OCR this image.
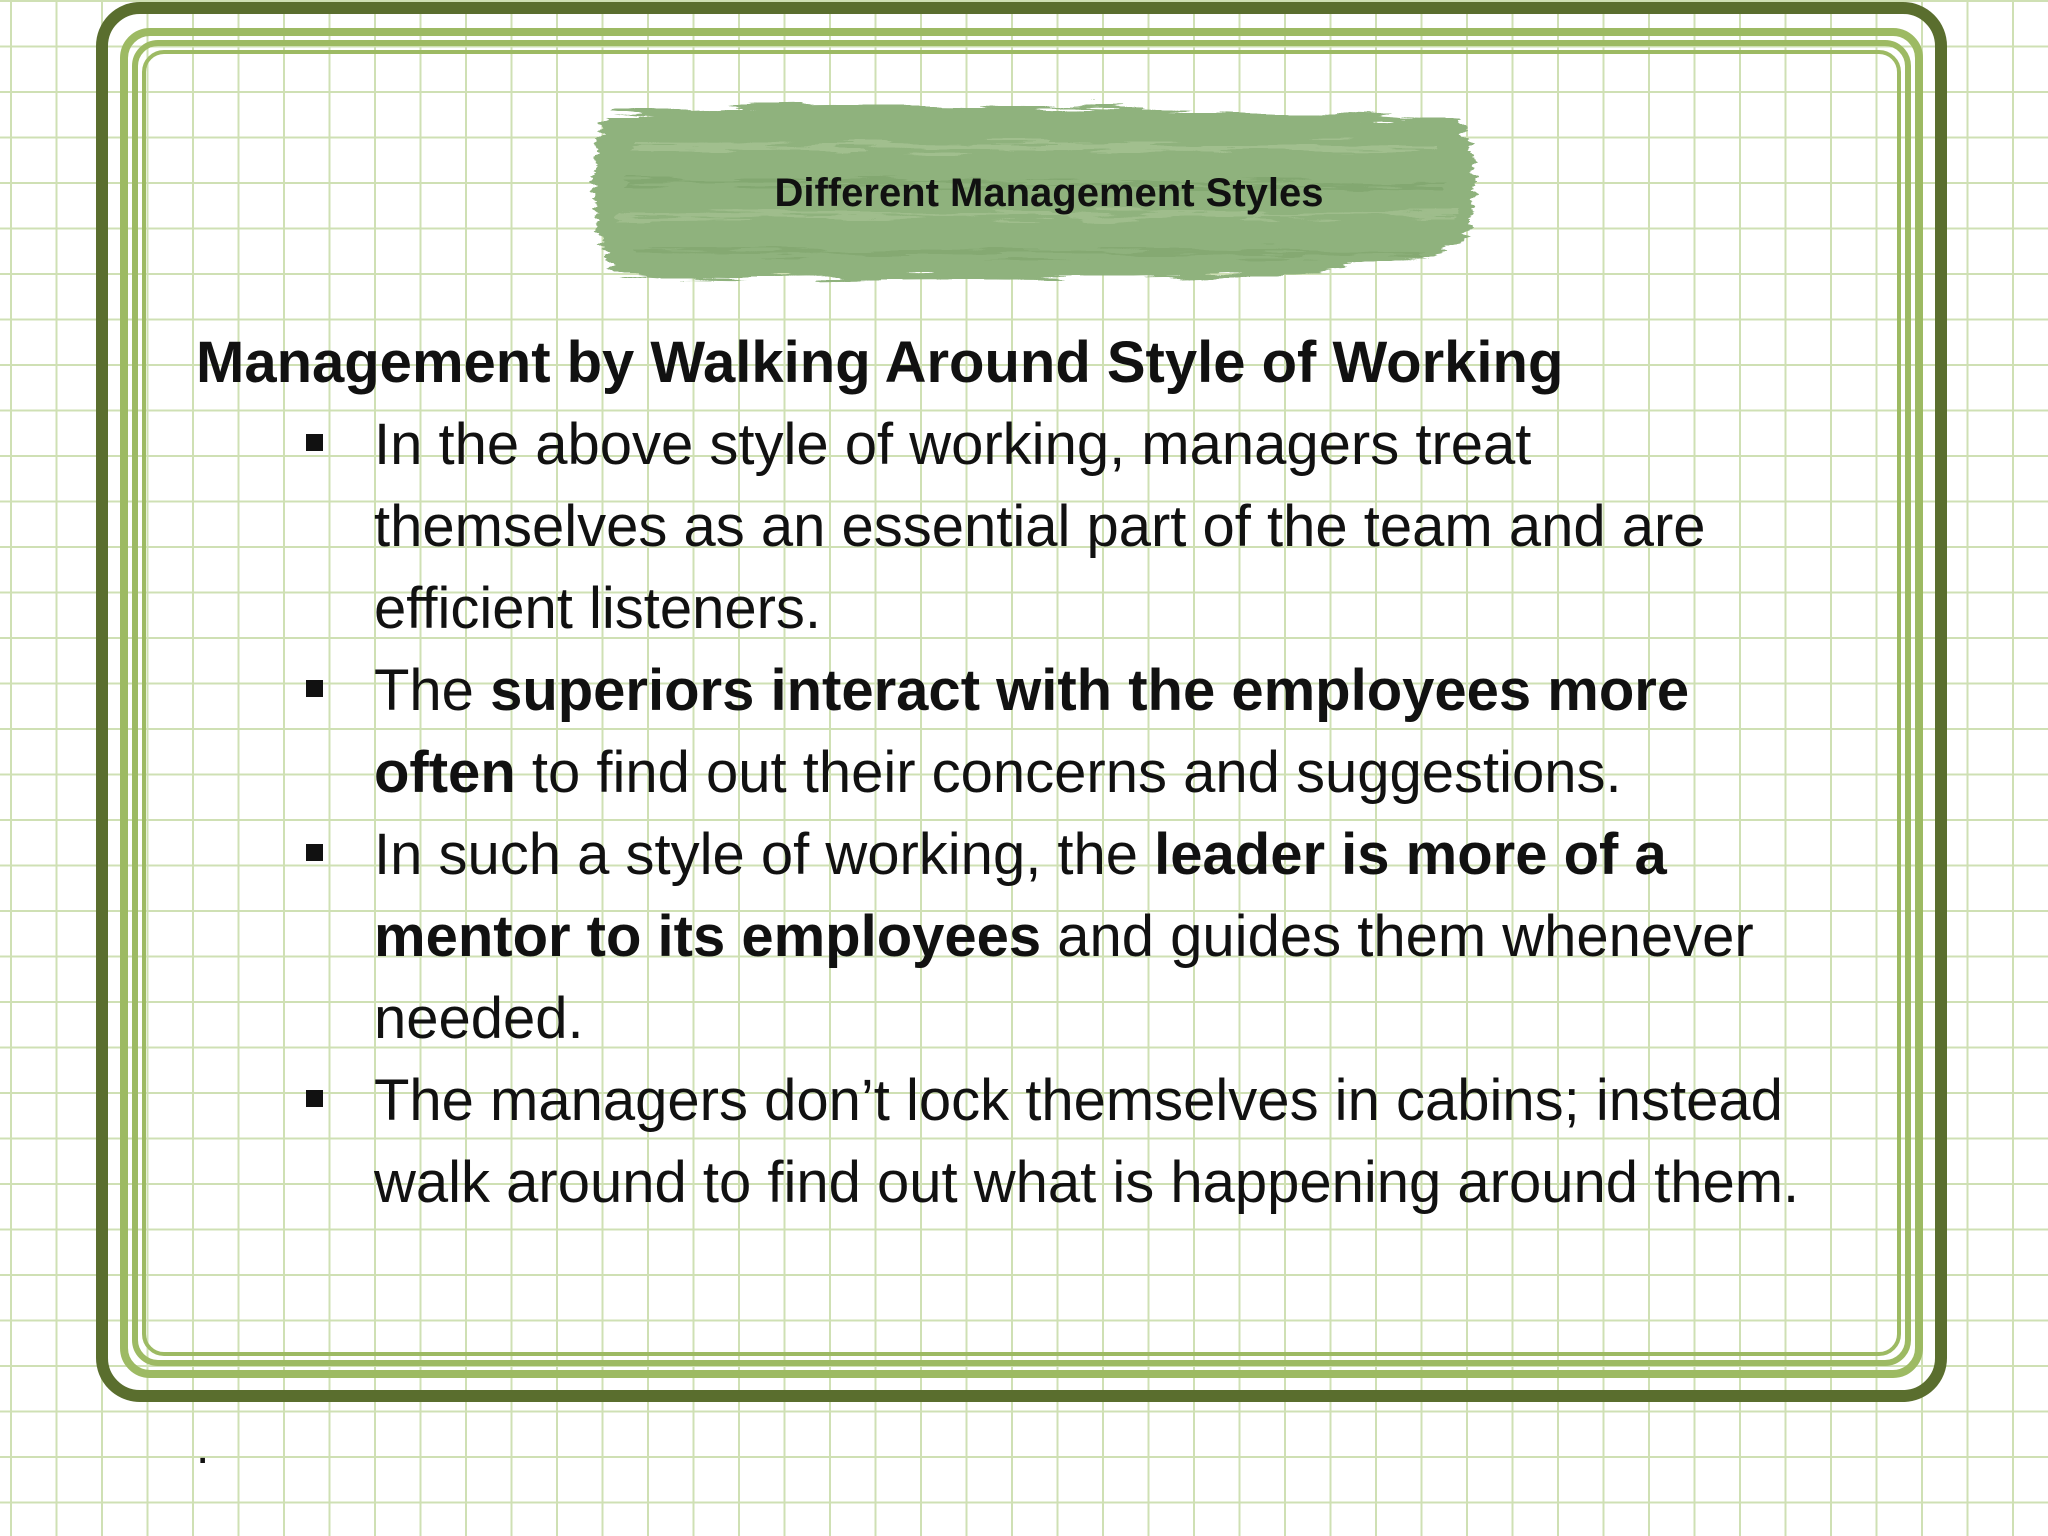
Different Management Styles

Management by Walking Around Style of Working

In the above style of working, managers treat themselves as an essential part of the team and are efficient listeners.
The superiors interact with the employees more often to find out their concerns and suggestions.
In such a style of working, the leader is more of a mentor to its employees and guides them whenever needed.
The managers don’t lock themselves in cabins; instead walk around to find out what is happening around them.
.
